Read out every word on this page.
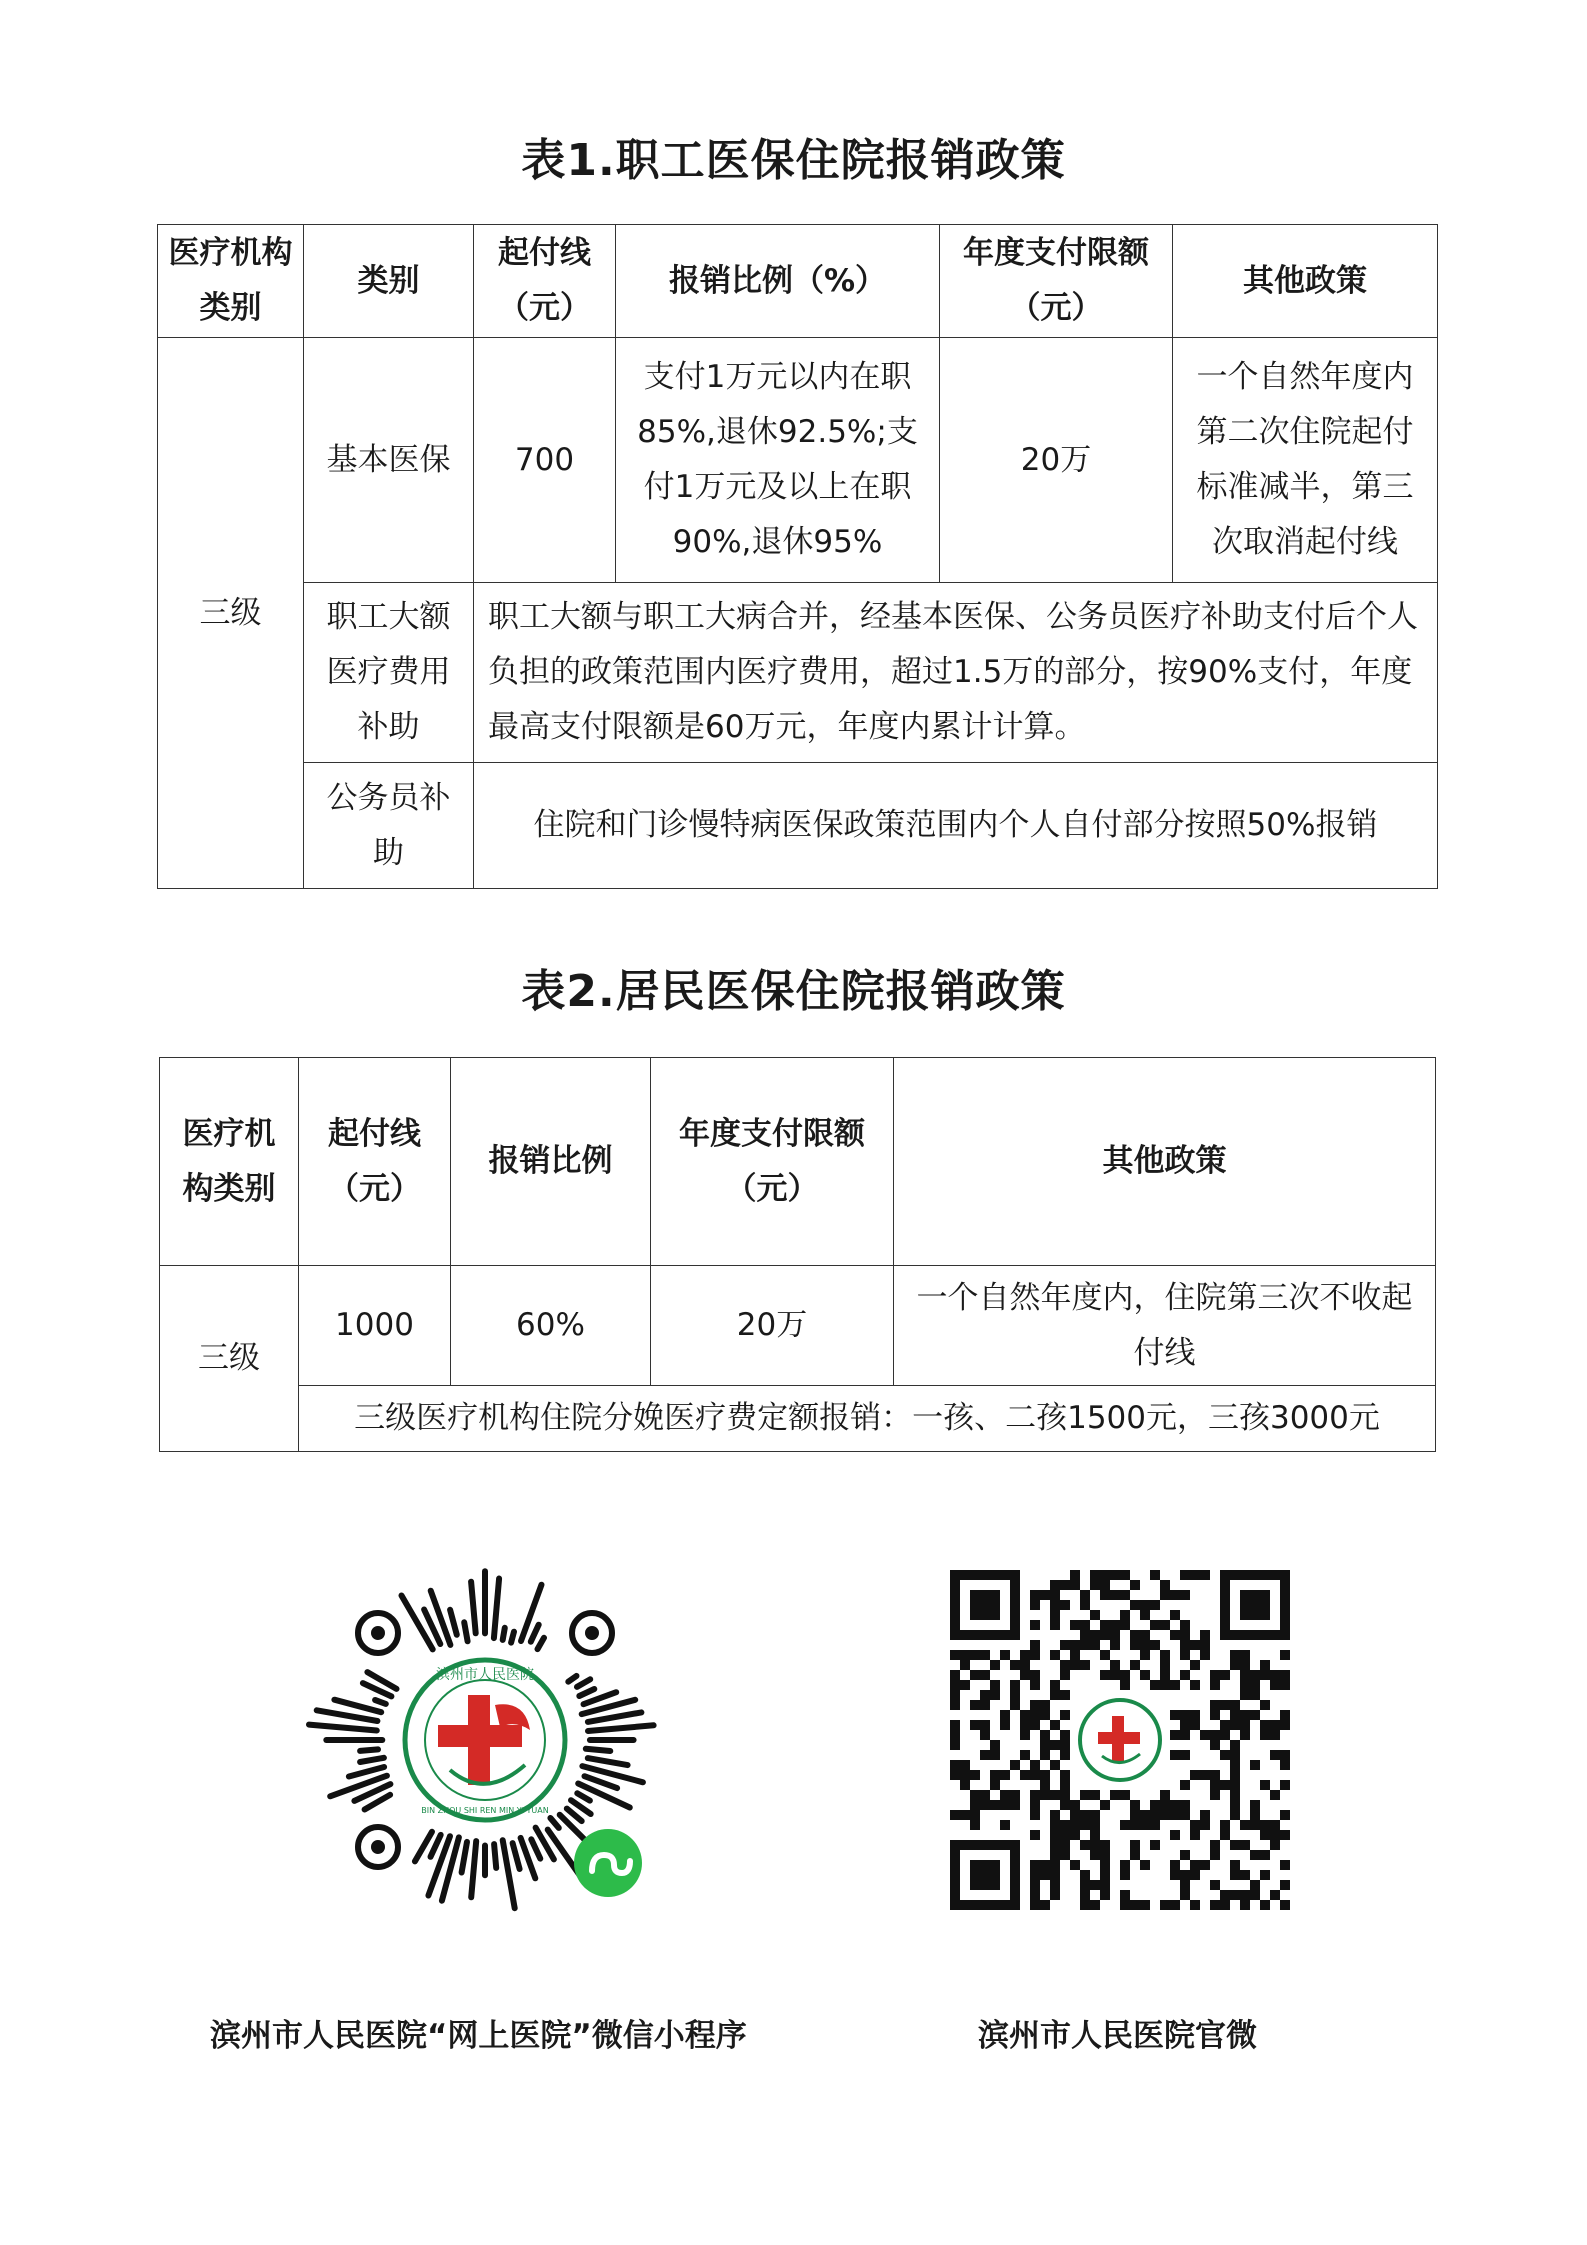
表1.职工医保住院报销政策
医疗机构类别	类别	起付线（元）	报销比例（%）	年度支付限额（元）	其他政策
三级	基本医保	700	支付1万元以内在职85%,退休92.5%;支付1万元及以上在职90%,退休95%	20万	一个自然年度内第二次住院起付标准减半，第三次取消起付线
	职工大额医疗费用补助	职工大额与职工大病合并，经基本医保、公务员医疗补助支付后个人负担的政策范围内医疗费用，超过1.5万的部分，按90%支付，年度最高支付限额是60万元，年度内累计计算。			
	公务员补助	住院和门诊慢特病医保政策范围内个人自付部分按照50%报销			
表2.居民医保住院报销政策
医疗机构类别	起付线（元）	报销比例	年度支付限额（元）	其他政策
三级	1000	60%	20万	一个自然年度内，住院第三次不收起付线
	三级医疗机构住院分娩医疗费定额报销：一孩、二孩1500元，三孩3000元			
滨州市人民医院
BIN ZHOU SHI REN MIN YI YUAN
滨州市人民医院“网上医院”微信小程序	滨州市人民医院官微
